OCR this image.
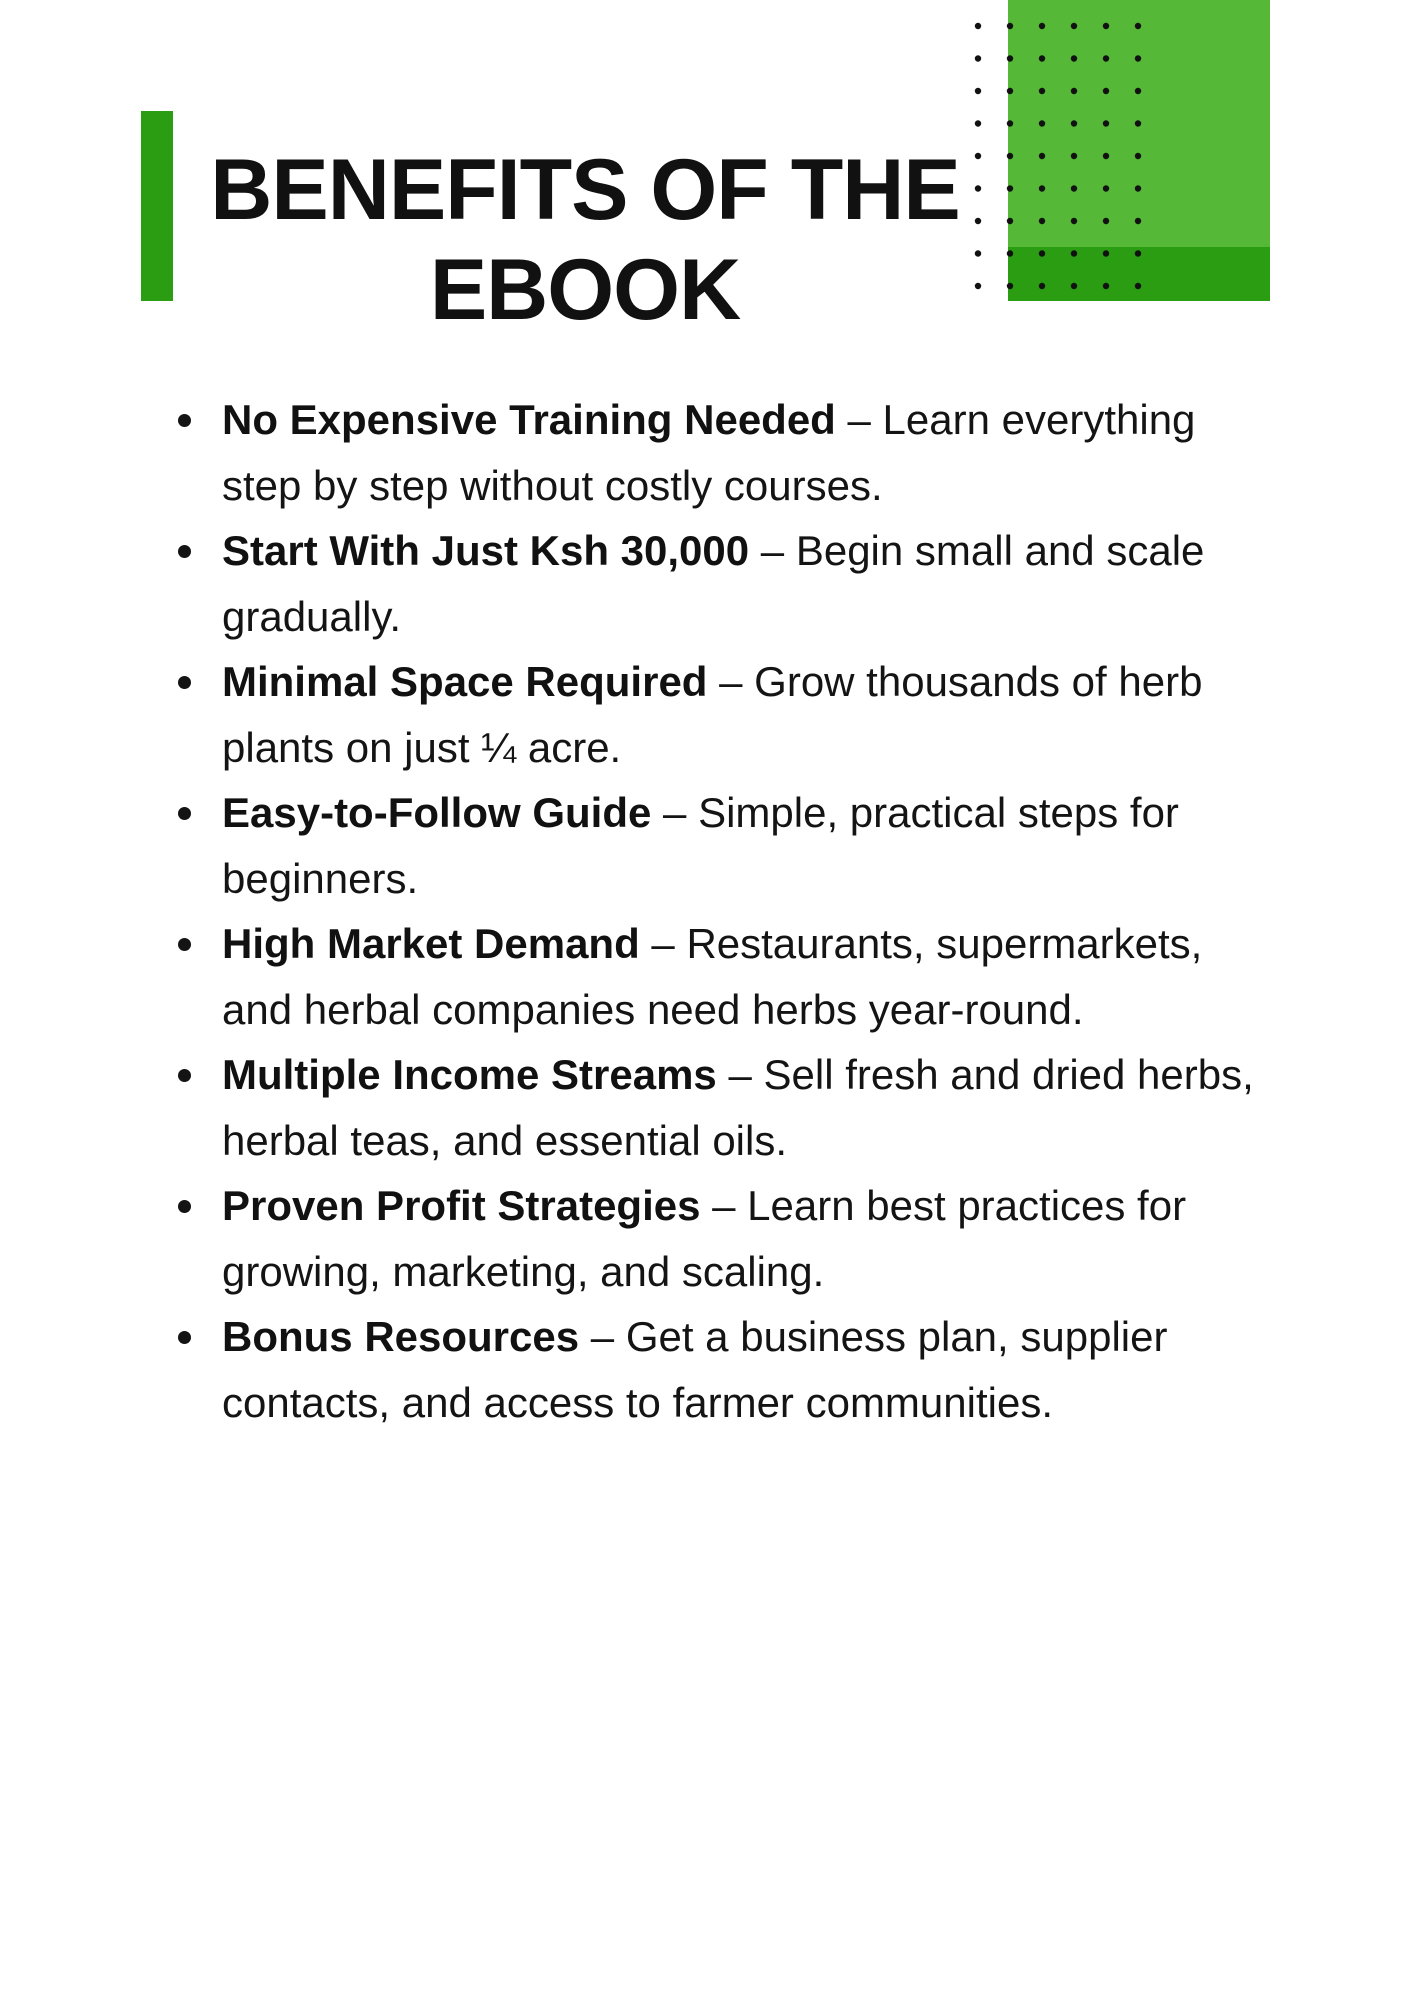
BENEFITS OF THE
EBOOK
No Expensive Training Needed – Learn everything step by step without costly courses.
Start With Just Ksh 30,000 – Begin small and scale gradually.
Minimal Space Required – Grow thousands of herb plants on just ¼ acre.
Easy-to-Follow Guide – Simple, practical steps for beginners.
High Market Demand – Restaurants, supermarkets, and herbal companies need herbs year-round.
Multiple Income Streams – Sell fresh and dried herbs, herbal teas, and essential oils.
Proven Profit Strategies – Learn best practices for growing, marketing, and scaling.
Bonus Resources – Get a business plan, supplier contacts, and access to farmer communities.
